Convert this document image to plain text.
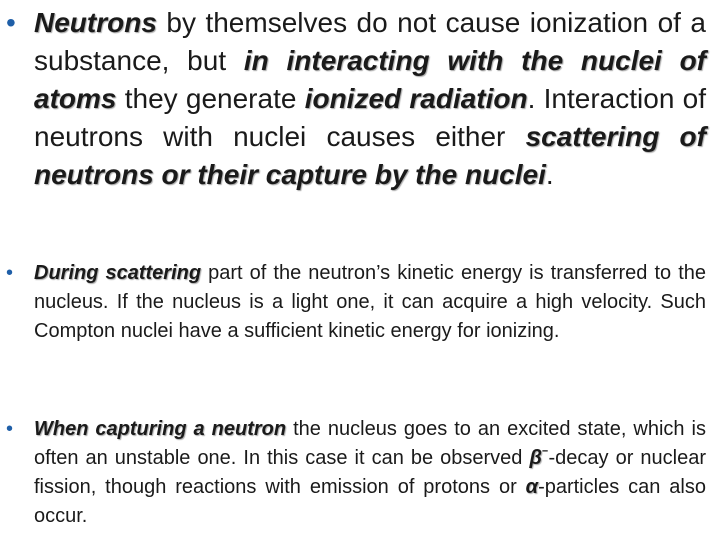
• Neutrons by themselves do not cause ionization of a substance, but in interacting with the nuclei of atoms they generate ionized radiation. Interaction of neutrons with nuclei causes either scattering of neutrons or their capture by the nuclei.
• During scattering part of the neutron’s kinetic energy is transferred to the nucleus. If the nucleus is a light one, it can acquire a high velocity. Such Compton nuclei have a sufficient kinetic energy for ionizing.
• When capturing a neutron the nucleus goes to an excited state, which is often an unstable one. In this case it can be observed βˉ-decay or nuclear fission, though reactions with emission of protons or α-particles can also occur.
